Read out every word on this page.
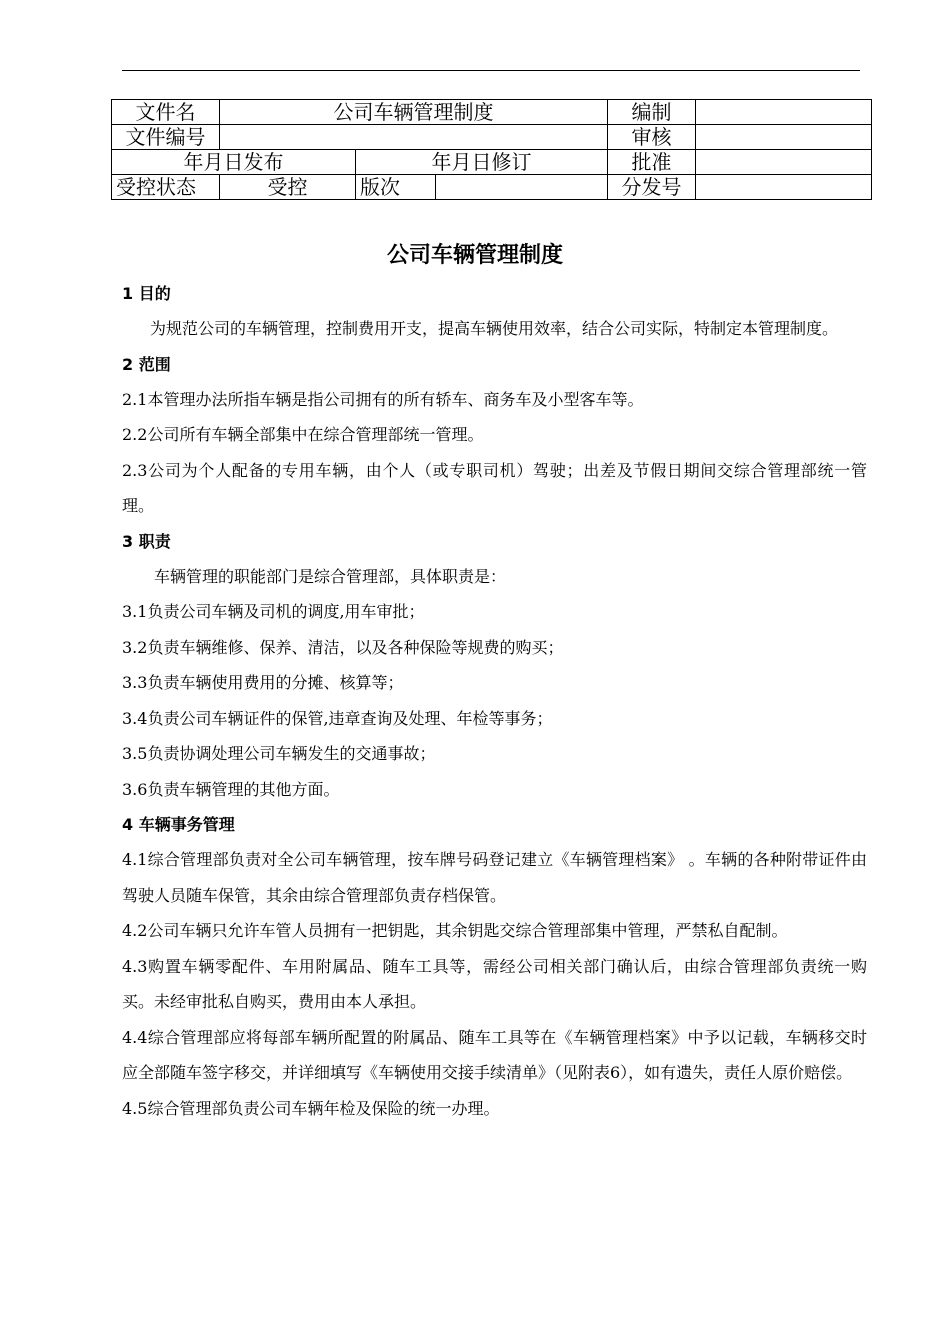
文件名	公司车辆管理制度			编制	
文件编号				审核	
年月日发布		年月日修订		批准	
受控状态	受控	版次		分发号	
公司车辆管理制度
1 目的

为规范公司的车辆管理，控制费用开支，提高车辆使用效率，结合公司实际，特制定本管理制度。

2 范围

2.1本管理办法所指车辆是指公司拥有的所有轿车、商务车及小型客车等。

2.2公司所有车辆全部集中在综合管理部统一管理。

2.3公司为个人配备的专用车辆，由个人（或专职司机）驾驶；出差及节假日期间交综合管理部统一管理。

3 职责

车辆管理的职能部门是综合管理部，具体职责是：

3.1负责公司车辆及司机的调度,用车审批；

3.2负责车辆维修、保养、清洁，以及各种保险等规费的购买；

3.3负责车辆使用费用的分摊、核算等；

3.4负责公司车辆证件的保管,违章查询及处理、年检等事务；

3.5负责协调处理公司车辆发生的交通事故；

3.6负责车辆管理的其他方面。

4 车辆事务管理

4.1综合管理部负责对全公司车辆管理，按车牌号码登记建立《车辆管理档案》 。车辆的各种附带证件由驾驶人员随车保管，其余由综合管理部负责存档保管。

4.2公司车辆只允许车管人员拥有一把钥匙，其余钥匙交综合管理部集中管理，严禁私自配制。

4.3购置车辆零配件、车用附属品、随车工具等，需经公司相关部门确认后，由综合管理部负责统一购买。未经审批私自购买，费用由本人承担。

4.4综合管理部应将每部车辆所配置的附属品、随车工具等在《车辆管理档案》中予以记载，车辆移交时应全部随车签字移交，并详细填写《车辆使用交接手续清单》（见附表6），如有遗失，责任人原价赔偿。

4.5综合管理部负责公司车辆年检及保险的统一办理。
